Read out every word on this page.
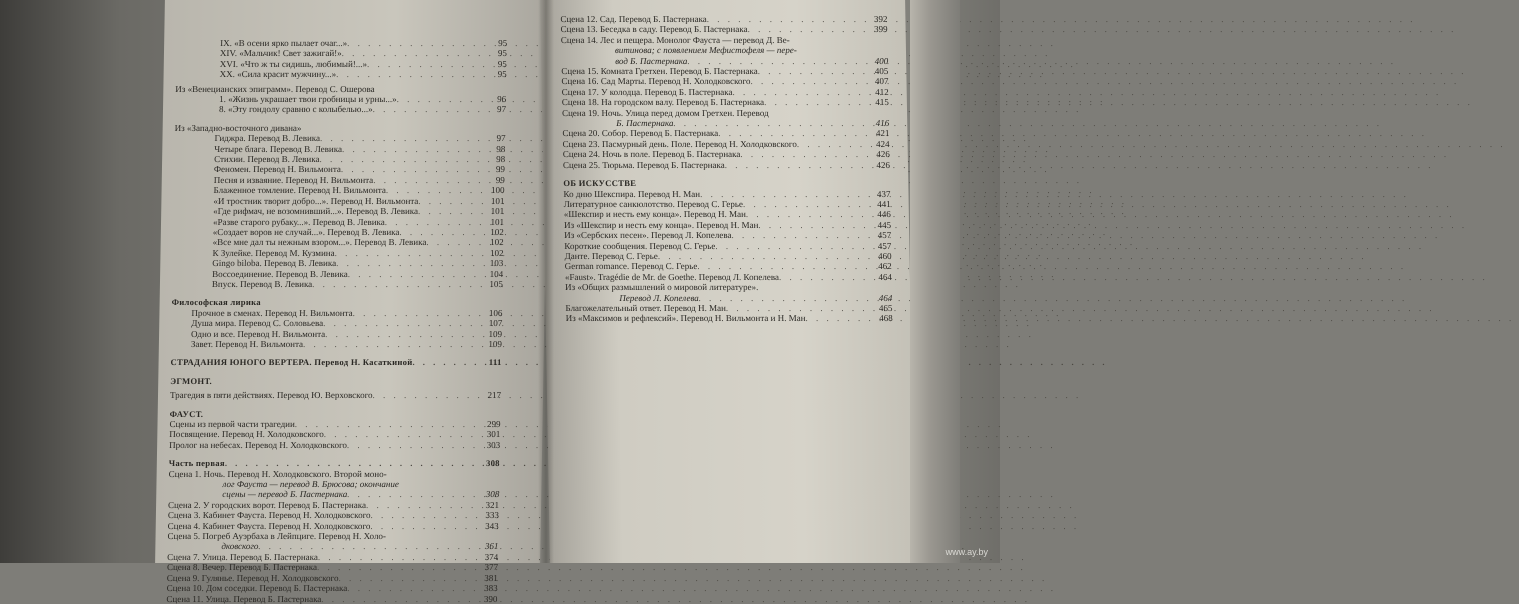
IX. «В осени ярко пылает очаг...» . . .	95
XIV. «Мальчик! Свет зажигай!» . . .	95
XVI. «Что ж ты сидишь, любимый!...» . . .	95
XX. «Сила красит мужчину...» . . .	95
Из «Венецианских эпиграмм». Перевод С. Ошерова
1. «Жизнь украшает твои гробницы и урны...» . . .	96
8. «Эту гондолу сравню с колыбелью...» . . .	97
Из «Западно-восточного дивана»
Гиджра. Перевод В. Левика . . .	97
Четыре блага. Перевод В. Левика . . .	98
Стихии. Перевод В. Левика . . .	98
Феномен. Перевод Н. Вильмонта . . .	99
Песня и изваяние. Перевод Н. Вильмонта . . .	99
Блаженное томление. Перевод Н. Вильмонта . . .	100
«И тростник творит добро...». Перевод Н. Вильмонта . . .	101
«Где рифмач, не возомнивший...». Перевод В. Левика . . .	101
«Разве старого рубаку...». Перевод В. Левика . . .	101
«Создает воров не случай...». Перевод В. Левика . . .	102
«Все мне дал ты нежным взором...». Перевод В. Левика . . .	102
К Зулейке. Перевод М. Кузмина . . .	102
Gingo biloba. Перевод В. Левика . . .	103
Воссоединение. Перевод В. Левика . . .	104
Впуск. Перевод В. Левика . . .	105
Философская лирика
Прочное в сменах. Перевод Н. Вильмонта . . .	106
Душа мира. Перевод С. Соловьева . . .	107
Одно и все. Перевод Н. Вильмонта . . .	109
Завет. Перевод Н. Вильмонта . . .	109
СТРАДАНИЯ ЮНОГО ВЕРТЕРА. Перевод Н. Касаткиной . . .	111
ЭГМОНТ.
Трагедия в пяти действиях. Перевод Ю. Верховского . . .	217
ФАУСТ.
Сцены из первой части трагедии . . .	299
Посвящение. Перевод Н. Холодковского . . .	301
Пролог на небесах. Перевод Н. Холодковского . . .	303
Часть первая . . .	308
Сцена 1. Ночь. Перевод Н. Холодковского. Второй моно-
лог Фауста — перевод В. Брюсова; окончание
сцены — перевод Б. Пастернака . . .	308
Сцена 2. У городских ворот. Перевод Б. Пастернака . . .	321
Сцена 3. Кабинет Фауста. Перевод Н. Холодковского . . .	333
Сцена 4. Кабинет Фауста. Перевод Н. Холодковского . . .	343
Сцена 5. Погреб Ауэрбаха в Лейпциге. Перевод Н. Холо-
дковского . . .	361
Сцена 7. Улица. Перевод Б. Пастернака . . .	374
Сцена 8. Вечер. Перевод Б. Пастернака . . .	377
Сцена 9. Гулянье. Перевод Н. Холодковского . . .	381
Сцена 10. Дом соседки. Перевод Б. Пастернака . . .	383
Сцена 11. Улица. Перевод Б. Пастернака . . .	390
Сцена 12. Сад. Перевод Б. Пастернака . . .	392
Сцена 13. Беседка в саду. Перевод Б. Пастернака . . .	399
Сцена 14. Лес и пещера. Монолог Фауста — перевод Д. Ве-
витинова; с появлением Мефистофеля — пере-
вод Б. Пастернака . . .	400
Сцена 15. Комната Гретхен. Перевод Б. Пастернака . . .	405
Сцена 16. Сад Марты. Перевод Н. Холодковского . . .	407
Сцена 17. У колодца. Перевод Б. Пастернака . . .	412
Сцена 18. На городском валу. Перевод Б. Пастернака . . .	415
Сцена 19. Ночь. Улица перед домом Гретхен. Перевод
Б. Пастернака . . .	416
Сцена 20. Собор. Перевод Б. Пастернака . . .	421
Сцена 23. Пасмурный день. Поле. Перевод Н. Холодковского . . .	424
Сцена 24. Ночь в поле. Перевод Б. Пастернака . . .	426
Сцена 25. Тюрьма. Перевод Б. Пастернака . . .	426
ОБ ИСКУССТВЕ
Ко дню Шекспира. Перевод Н. Ман . . .	437
Литературное санкюлотство. Перевод С. Герье . . .	441
«Шекспир и несть ему конца». Перевод Н. Ман . . .	446
Из «Шекспир и несть ему конца». Перевод Н. Ман . . .	445
Из «Сербских песен». Перевод Л. Копелева . . .	457
Короткие сообщения. Перевод С. Герье . . .	457
Данте. Перевод С. Герье . . .	460
German romance. Перевод С. Герье . . .	462
«Faust». Tragédie de Mr. de Goethe. Перевод Л. Копелева . . .	464
Из «Общих размышлений о мировой литературе».
Перевод Л. Копелева . . .	464
Благожелательный ответ. Перевод Н. Ман . . .	465
Из «Максимов и рефлексий». Перевод Н. Вильмонта и Н. Ман . . .	468
www.ay.by
